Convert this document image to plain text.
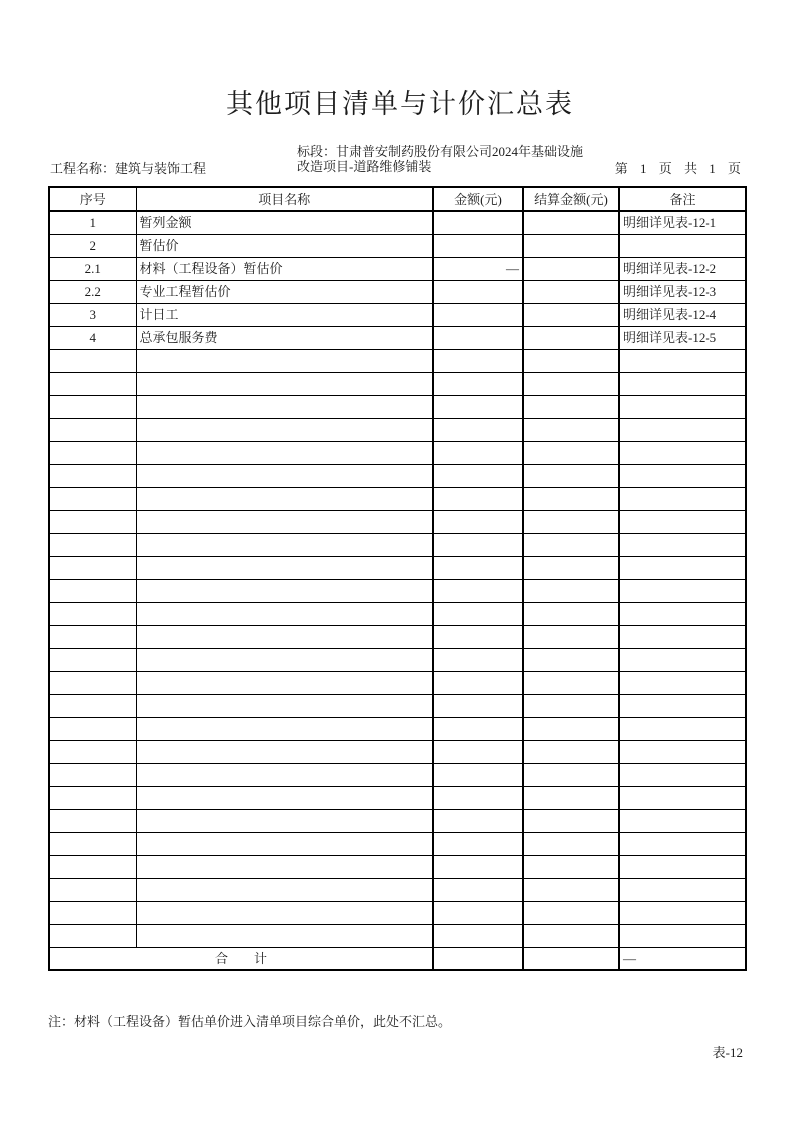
其他项目清单与计价汇总表
工程名称：建筑与装饰工程
标段：甘肃普安制药股份有限公司2024年基础设施
改造项目-道路维修铺装	第 1 页 共 1 页
序号	项目名称	金额(元)	结算金额(元)	备注
1	暂列金额			明细详见表-12-1
2	暂估价			
2.1	材料（工程设备）暂估价	—		明细详见表-12-2
2.2	专业工程暂估价			明细详见表-12-3
3	计日工			明细详见表-12-4
4	总承包服务费			明细详见表-12-5

合　　计				—
注：材料（工程设备）暂估单价进入清单项目综合单价，此处不汇总。
表-12
